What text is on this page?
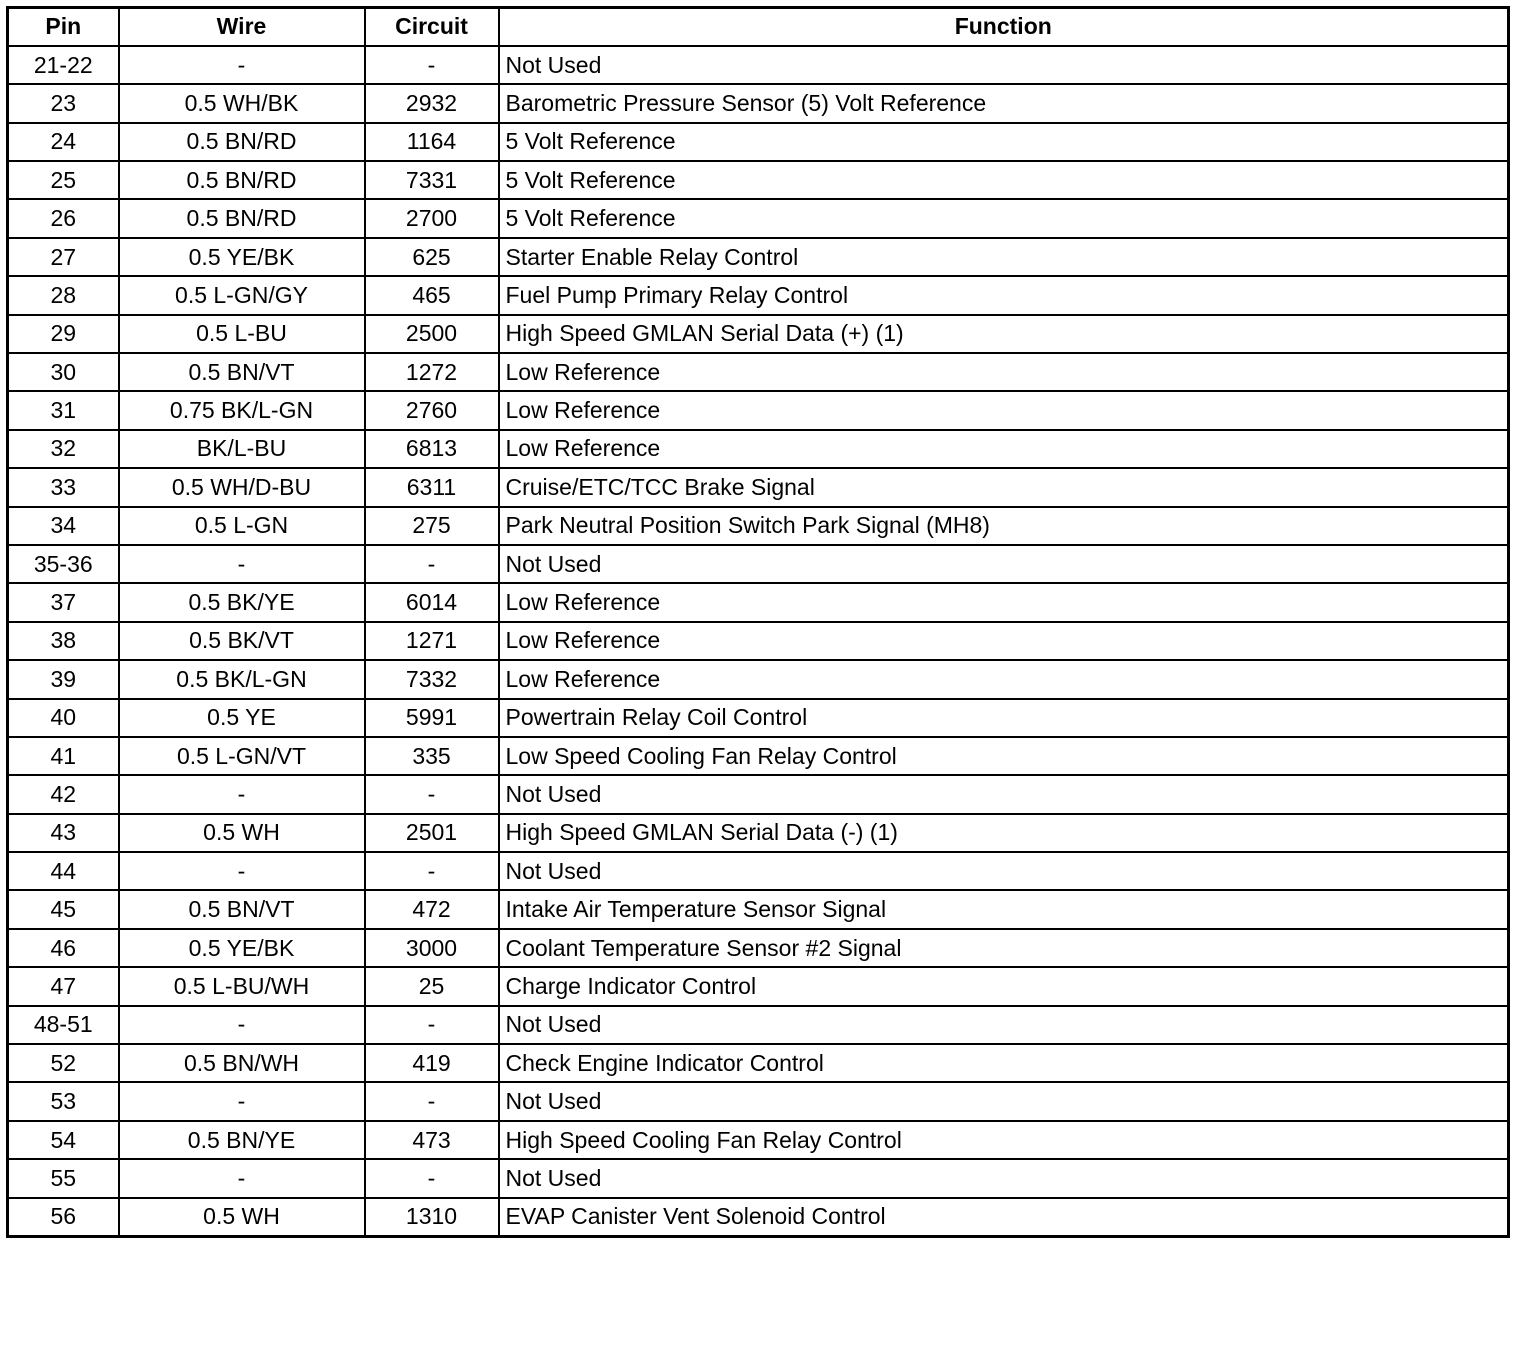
Pin	Wire	Circuit	Function
21-22	-	-	Not Used
23	0.5 WH/BK	2932	Barometric Pressure Sensor (5) Volt Reference
24	0.5 BN/RD	1164	5 Volt Reference
25	0.5 BN/RD	7331	5 Volt Reference
26	0.5 BN/RD	2700	5 Volt Reference
27	0.5 YE/BK	625	Starter Enable Relay Control
28	0.5 L-GN/GY	465	Fuel Pump Primary Relay Control
29	0.5 L-BU	2500	High Speed GMLAN Serial Data (+) (1)
30	0.5 BN/VT	1272	Low Reference
31	0.75 BK/L-GN	2760	Low Reference
32	BK/L-BU	6813	Low Reference
33	0.5 WH/D-BU	6311	Cruise/ETC/TCC Brake Signal
34	0.5 L-GN	275	Park Neutral Position Switch Park Signal (MH8)
35-36	-	-	Not Used
37	0.5 BK/YE	6014	Low Reference
38	0.5 BK/VT	1271	Low Reference
39	0.5 BK/L-GN	7332	Low Reference
40	0.5 YE	5991	Powertrain Relay Coil Control
41	0.5 L-GN/VT	335	Low Speed Cooling Fan Relay Control
42	-	-	Not Used
43	0.5 WH	2501	High Speed GMLAN Serial Data (-) (1)
44	-	-	Not Used
45	0.5 BN/VT	472	Intake Air Temperature Sensor Signal
46	0.5 YE/BK	3000	Coolant Temperature Sensor #2 Signal
47	0.5 L-BU/WH	25	Charge Indicator Control
48-51	-	-	Not Used
52	0.5 BN/WH	419	Check Engine Indicator Control
53	-	-	Not Used
54	0.5 BN/YE	473	High Speed Cooling Fan Relay Control
55	-	-	Not Used
56	0.5 WH	1310	EVAP Canister Vent Solenoid Control
